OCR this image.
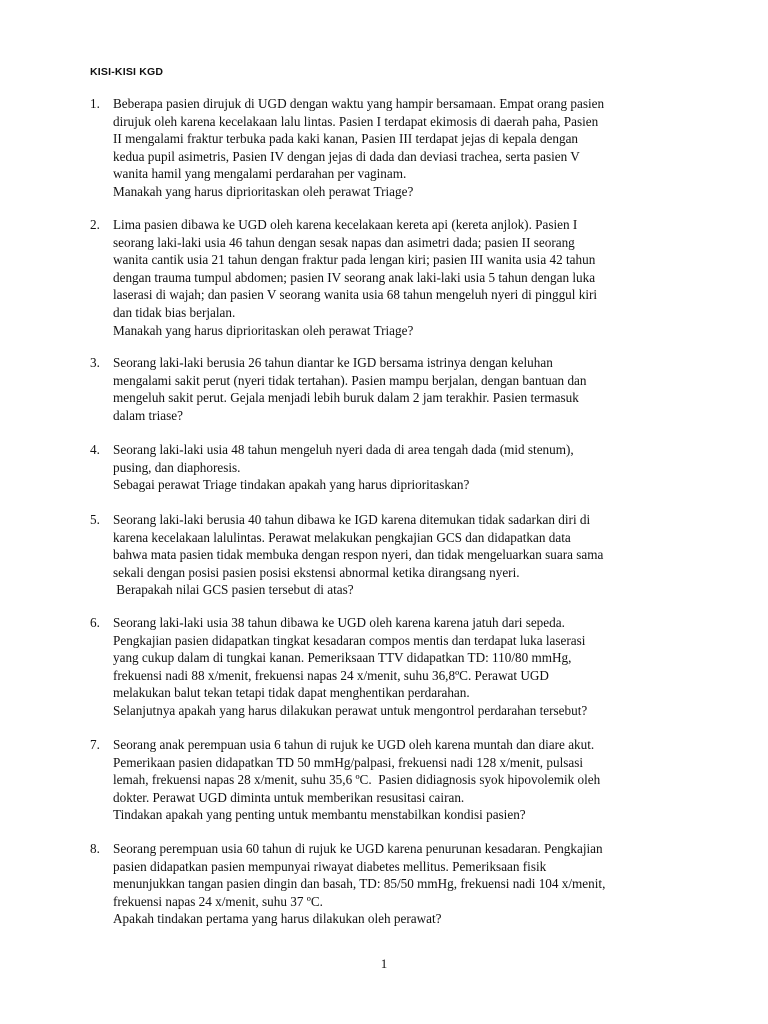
KISI-KISI KGD
1. Beberapa pasien dirujuk di UGD dengan waktu yang hampir bersamaan. Empat orang pasien
dirujuk oleh karena kecelakaan lalu lintas. Pasien I terdapat ekimosis di daerah paha, Pasien
II mengalami fraktur terbuka pada kaki kanan, Pasien III terdapat jejas di kepala dengan
kedua pupil asimetris, Pasien IV dengan jejas di dada dan deviasi trachea, serta pasien V
wanita hamil yang mengalami perdarahan per vaginam.
Manakah yang harus diprioritaskan oleh perawat Triage?
2. Lima pasien dibawa ke UGD oleh karena kecelakaan kereta api (kereta anjlok). Pasien I
seorang laki-laki usia 46 tahun dengan sesak napas dan asimetri dada; pasien II seorang
wanita cantik usia 21 tahun dengan fraktur pada lengan kiri; pasien III wanita usia 42 tahun
dengan trauma tumpul abdomen; pasien IV seorang anak laki-laki usia 5 tahun dengan luka
laserasi di wajah; dan pasien V seorang wanita usia 68 tahun mengeluh nyeri di pinggul kiri
dan tidak bias berjalan.
Manakah yang harus diprioritaskan oleh perawat Triage?
3. Seorang laki-laki berusia 26 tahun diantar ke IGD bersama istrinya dengan keluhan
mengalami sakit perut (nyeri tidak tertahan). Pasien mampu berjalan, dengan bantuan dan
mengeluh sakit perut. Gejala menjadi lebih buruk dalam 2 jam terakhir. Pasien termasuk
dalam triase?
4. Seorang laki-laki usia 48 tahun mengeluh nyeri dada di area tengah dada (mid stenum),
pusing, dan diaphoresis.
Sebagai perawat Triage tindakan apakah yang harus diprioritaskan?
5. Seorang laki-laki berusia 40 tahun dibawa ke IGD karena ditemukan tidak sadarkan diri di
karena kecelakaan lalulintas. Perawat melakukan pengkajian GCS dan didapatkan data
bahwa mata pasien tidak membuka dengan respon nyeri, dan tidak mengeluarkan suara sama
sekali dengan posisi pasien posisi ekstensi abnormal ketika dirangsang nyeri.
Berapakah nilai GCS pasien tersebut di atas?
6. Seorang laki-laki usia 38 tahun dibawa ke UGD oleh karena karena jatuh dari sepeda.
Pengkajian pasien didapatkan tingkat kesadaran compos mentis dan terdapat luka laserasi
yang cukup dalam di tungkai kanan. Pemeriksaan TTV didapatkan TD: 110/80 mmHg,
frekuensi nadi 88 x/menit, frekuensi napas 24 x/menit, suhu 36,8ºC. Perawat UGD
melakukan balut tekan tetapi tidak dapat menghentikan perdarahan.
Selanjutnya apakah yang harus dilakukan perawat untuk mengontrol perdarahan tersebut?
7. Seorang anak perempuan usia 6 tahun di rujuk ke UGD oleh karena muntah dan diare akut.
Pemerikaan pasien didapatkan TD 50 mmHg/palpasi, frekuensi nadi 128 x/menit, pulsasi
lemah, frekuensi napas 28 x/menit, suhu 35,6 ºC.  Pasien didiagnosis syok hipovolemik oleh
dokter. Perawat UGD diminta untuk memberikan resusitasi cairan.
Tindakan apakah yang penting untuk membantu menstabilkan kondisi pasien?
8. Seorang perempuan usia 60 tahun di rujuk ke UGD karena penurunan kesadaran. Pengkajian
pasien didapatkan pasien mempunyai riwayat diabetes mellitus. Pemeriksaan fisik
menunjukkan tangan pasien dingin dan basah, TD: 85/50 mmHg, frekuensi nadi 104 x/menit,
frekuensi napas 24 x/menit, suhu 37 ºC.
Apakah tindakan pertama yang harus dilakukan oleh perawat?
1
